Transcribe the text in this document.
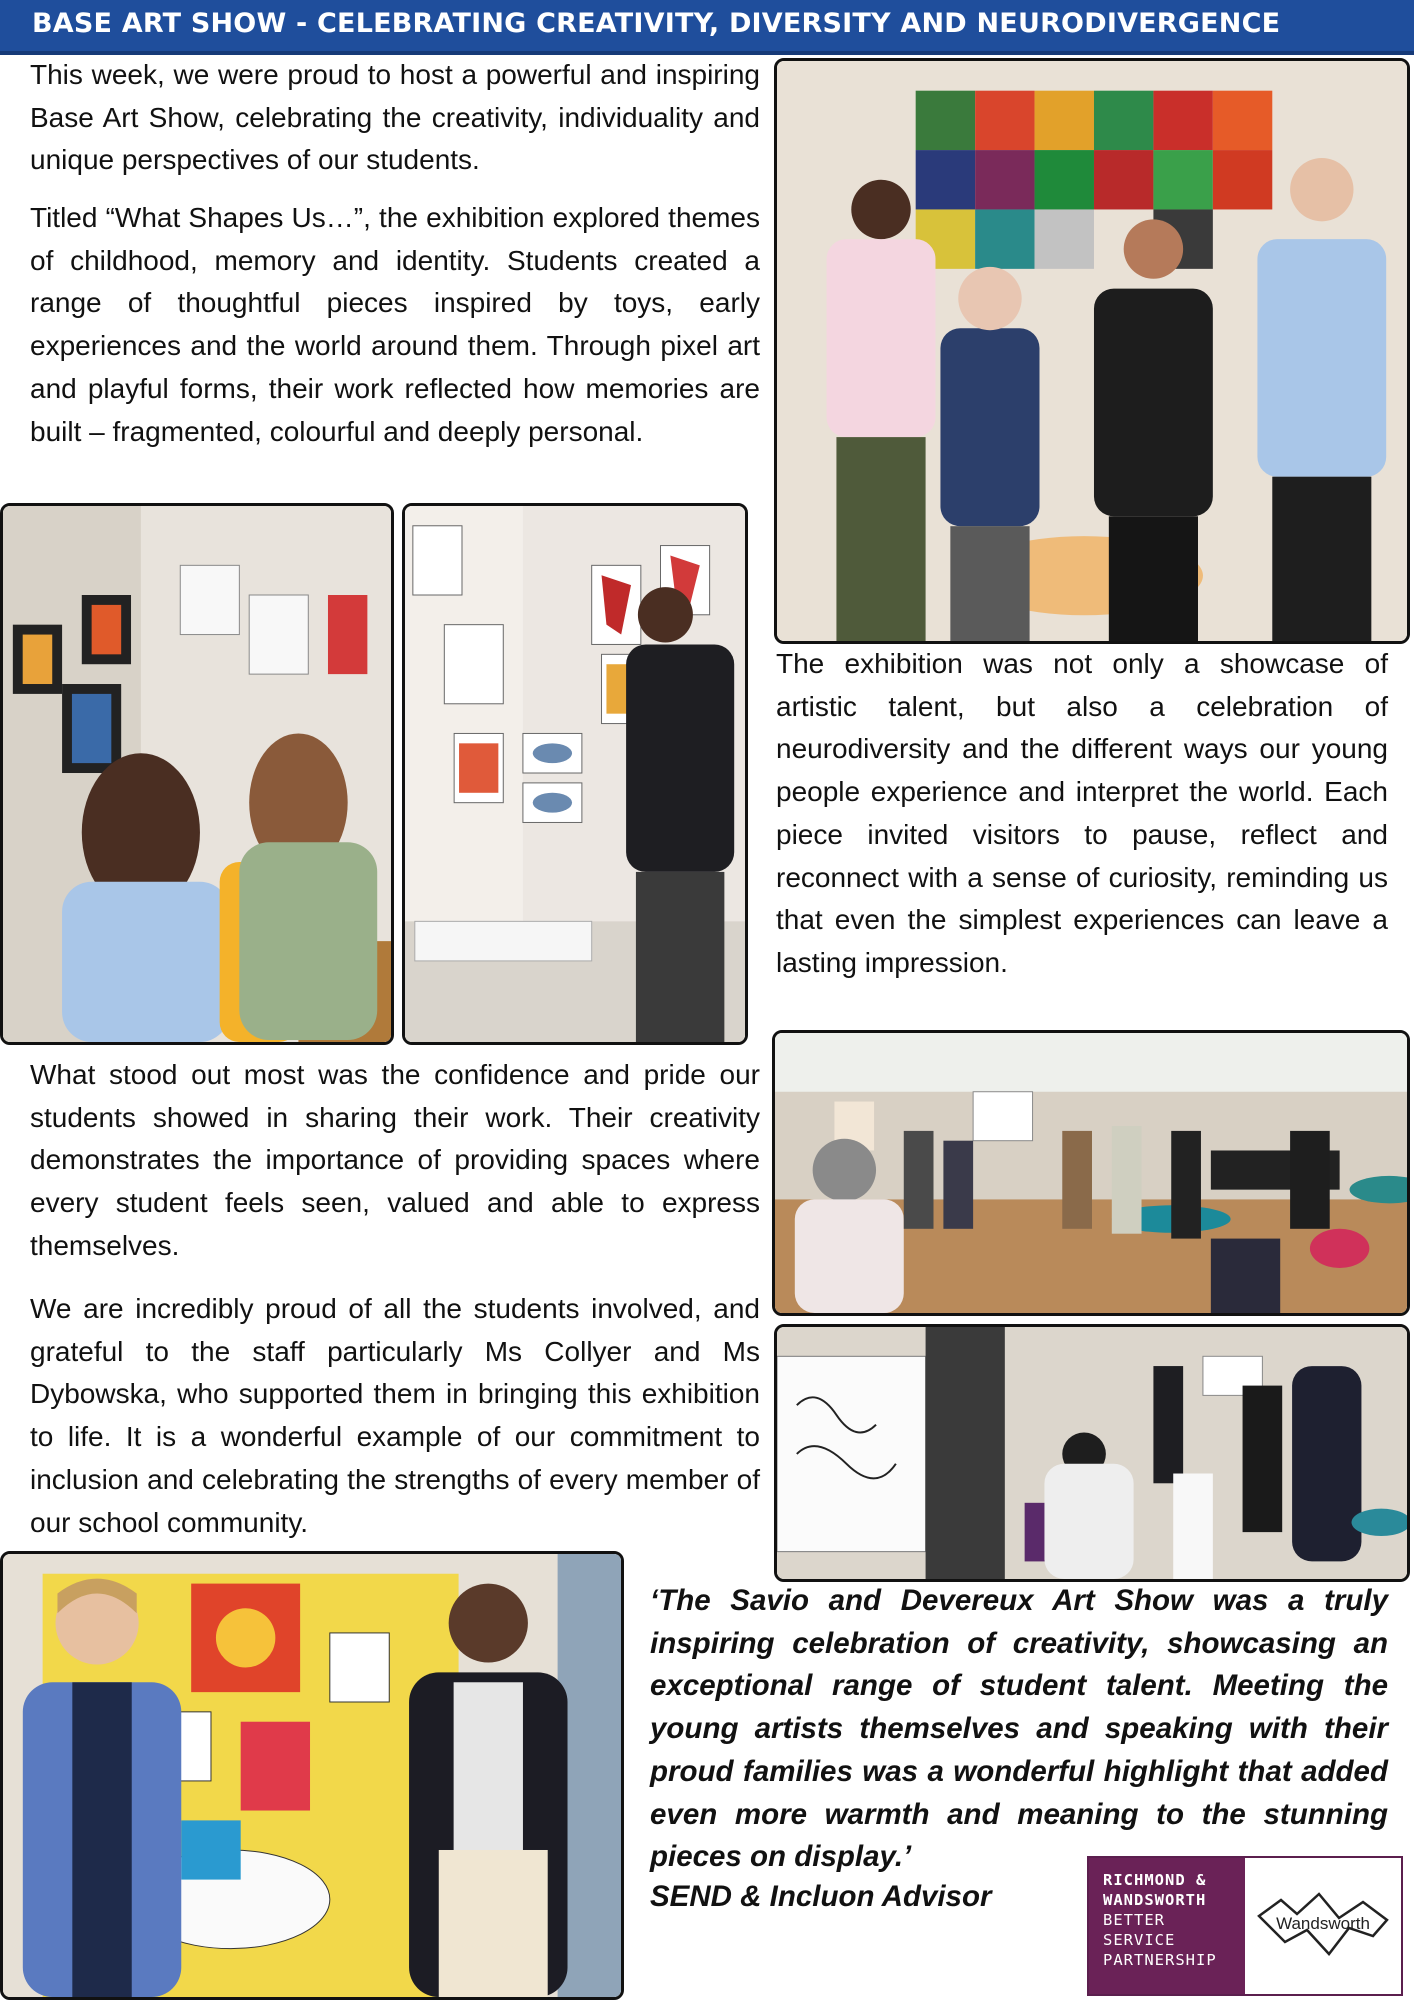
BASE ART SHOW - CELEBRATING CREATIVITY, DIVERSITY AND NEURODIVERGENCE

This week, we were proud to host a powerful and inspiring Base Art Show, celebrating the creativity, individuality and unique perspectives of our students.

Titled “What Shapes Us…”, the exhibition explored themes of childhood, memory and identity. Students created a range of thoughtful pieces inspired by toys, early experiences and the world around them. Through pixel art and playful forms, their work reflected how memories are built – fragmented, colourful and deeply personal.

The exhibition was not only a showcase of artistic talent, but also a celebration of neurodiversity and the different ways our young people experience and interpret the world. Each piece invited visitors to pause, reflect and reconnect with a sense of curiosity, reminding us that even the simplest experiences can leave a lasting impression.

What stood out most was the confidence and pride our students showed in sharing their work. Their creativity demonstrates the importance of providing spaces where every student feels seen, valued and able to express themselves.

We are incredibly proud of all the students involved, and grateful to the staff particularly Ms Collyer and Ms Dybowska, who supported them in bringing this exhibition to life. It is a wonderful example of our commitment to inclusion and celebrating the strengths of every member of our school community.

‘The Savio and Devereux Art Show was a truly inspiring celebration of creativity, showcasing an exceptional range of student talent. Meeting the young artists themselves and speaking with their proud families was a wonderful highlight that added even more warmth and meaning to the stunning pieces on display.’

SEND & Incluon Advisor	RICHMOND &
WANDSWORTH
BETTER
SERVICE
PARTNERSHIP
Wandsworth
